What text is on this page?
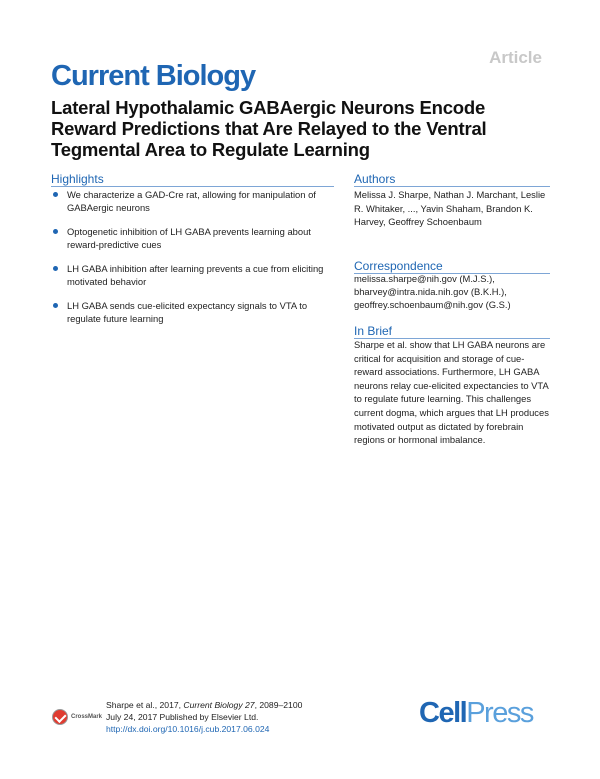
Article
Current Biology
Lateral Hypothalamic GABAergic Neurons Encode Reward Predictions that Are Relayed to the Ventral Tegmental Area to Regulate Learning
Highlights
We characterize a GAD-Cre rat, allowing for manipulation of GABAergic neurons
Optogenetic inhibition of LH GABA prevents learning about reward-predictive cues
LH GABA inhibition after learning prevents a cue from eliciting motivated behavior
LH GABA sends cue-elicited expectancy signals to VTA to regulate future learning
Authors
Melissa J. Sharpe, Nathan J. Marchant, Leslie R. Whitaker, ..., Yavin Shaham, Brandon K. Harvey, Geoffrey Schoenbaum
Correspondence
melissa.sharpe@nih.gov (M.J.S.),
bharvey@intra.nida.nih.gov (B.K.H.),
geoffrey.schoenbaum@nih.gov (G.S.)
In Brief
Sharpe et al. show that LH GABA neurons are critical for acquisition and storage of cue-reward associations. Furthermore, LH GABA neurons relay cue-elicited expectancies to VTA to regulate future learning. This challenges current dogma, which argues that LH produces motivated output as dictated by forebrain regions or hormonal imbalance.
CrossMark
Sharpe et al., 2017, Current Biology 27, 2089–2100
July 24, 2017 Published by Elsevier Ltd.
http://dx.doi.org/10.1016/j.cub.2017.06.024	CellPress
